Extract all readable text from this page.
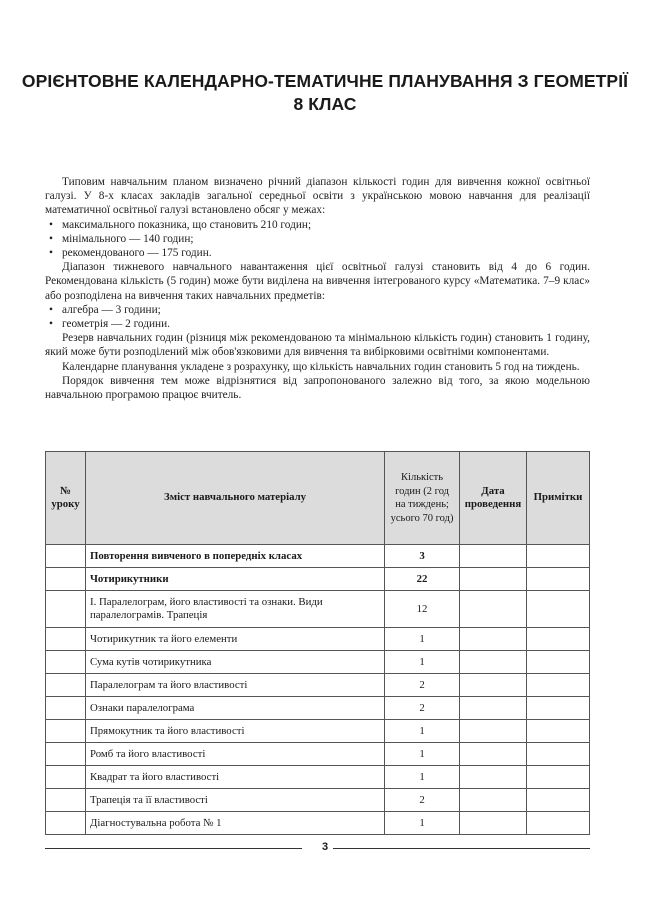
ОРІЄНТОВНЕ КАЛЕНДАРНО-ТЕМАТИЧНЕ ПЛАНУВАННЯ З ГЕОМЕТРІЇ
8 КЛАС

Типовим навчальним планом визначено річний діапазон кількості годин для вивчення кожної освітньої галузі. У 8-х класах закладів загальної середньої освіти з українською мовою навчання для реалізації математичної освітньої галузі встановлено обсяг у межах:

• максимального показника, що становить 210 годин;
• мінімального — 140 годин;
• рекомендованого — 175 годин.

Діапазон тижневого навчального навантаження цієї освітньої галузі становить від 4 до 6 годин. Рекомендована кількість (5 годин) може бути виділена на вивчення інтегрованого курсу «Математика. 7–9 клас» або розподілена на вивчення таких навчальних предметів:

• алгебра — 3 години;
• геометрія — 2 години.

Резерв навчальних годин (різниця між рекомендованою та мінімальною кількість годин) становить 1 годину, який може бути розподілений між обов'язковими для вивчення та вибірковими освітніми компонентами.

Календарне планування укладене з розрахунку, що кількість навчальних годин становить 5 год на тиждень.

Порядок вивчення тем може відрізнятися від запропонованого залежно від того, за якою модельною навчальною програмою працює вчитель.

№ уроку	Зміст навчального матеріалу	Кількість годин (2 год на тиждень; усього 70 год)	Дата проведення	Примітки
	Повторення вивченого в попередніх класах	3		
	Чотирикутники	22		
	I. Паралелограм, його властивості та ознаки. Види паралелограмів. Трапеція	12		
	Чотирикутник та його елементи	1		
	Сума кутів чотирикутника	1		
	Паралелограм та його властивості	2		
	Ознаки паралелограма	2		
	Прямокутник та його властивості	1		
	Ромб та його властивості	1		
	Квадрат та його властивості	1		
	Трапеція та її властивості	2		
	Діагностувальна робота № 1	1		
3
